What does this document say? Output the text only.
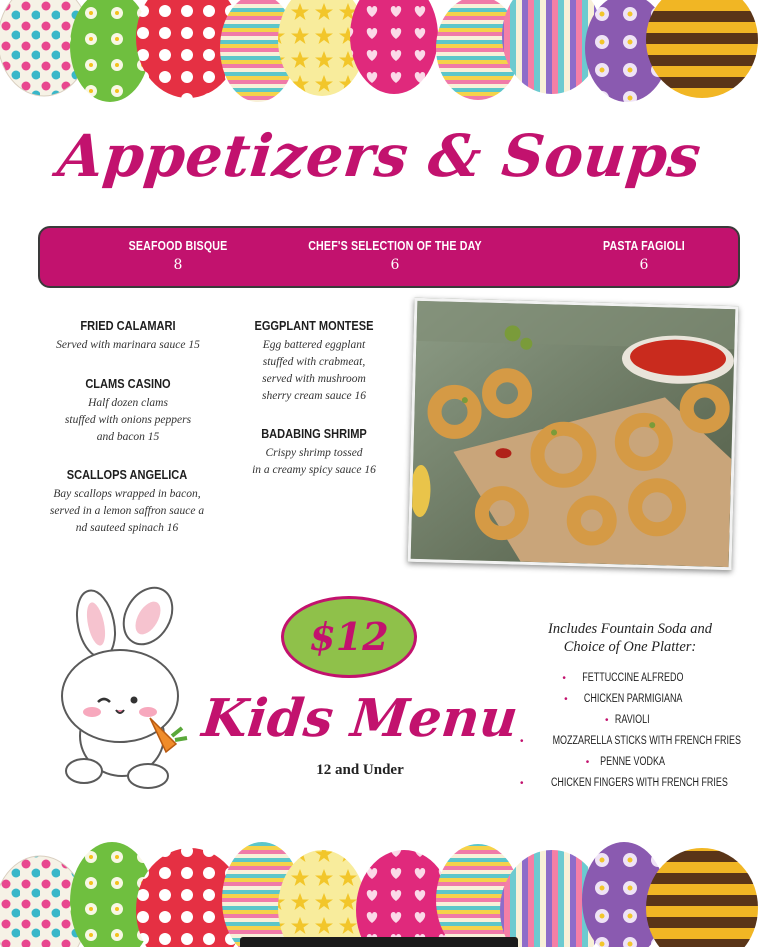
Appetizers & Soups
SEAFOOD BISQUE
8
CHEF'S SELECTION OF THE DAY
6
PASTA FAGIOLI
6
FRIED CALAMARI
Served with marinara sauce 15
CLAMS CASINO
Half dozen clams
stuffed with onions peppers
and bacon 15
SCALLOPS ANGELICA
Bay scallops wrapped in bacon,
served in a lemon saffron sauce a
nd sauteed spinach 16
EGGPLANT MONTESE
Egg battered eggplant
stuffed with crabmeat,
served with mushroom
sherry cream sauce 16
BADABING SHRIMP
Crispy shrimp tossed
in a creamy spicy sauce 16
$12
Kids Menu
12 and Under
Includes Fountain Soda and
Choice of One Platter:
• FETTUCCINE ALFREDO
• CHICKEN PARMIGIANA
• RAVIOLI
• MOZZARELLA STICKS WITH FRENCH FRIES
• PENNE VODKA
• CHICKEN FINGERS WITH FRENCH FRIES
